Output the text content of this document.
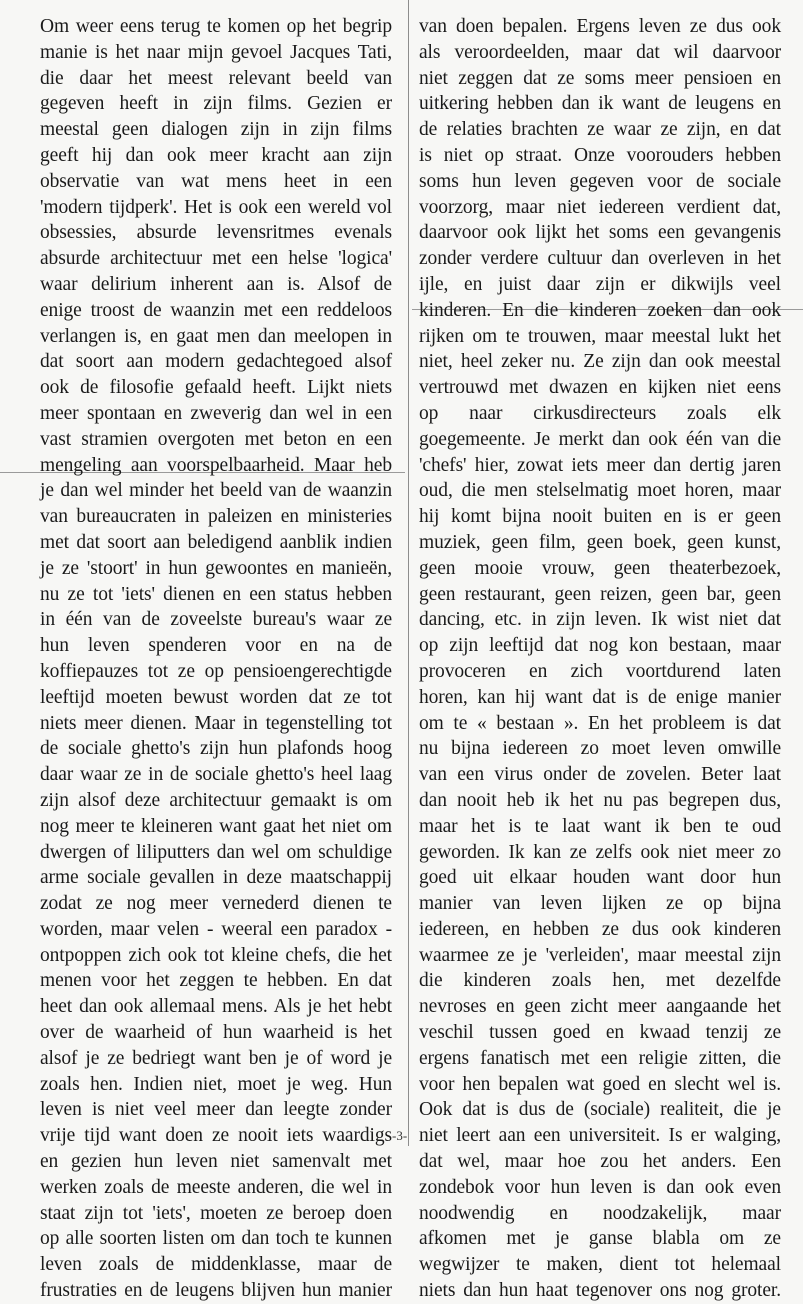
Om weer eens terug te komen op het begrip
manie is het naar mijn gevoel Jacques Tati,
die daar het meest relevant beeld van
gegeven heeft in zijn films. Gezien er
meestal geen dialogen zijn in zijn films
geeft hij dan ook meer kracht aan zijn
observatie van wat mens heet in een
'modern tijdperk'. Het is ook een wereld vol
obsessies, absurde levensritmes evenals
absurde architectuur met een helse 'logica'
waar delirium inherent aan is. Alsof de
enige troost de waanzin met een reddeloos
verlangen is, en gaat men dan meelopen in
dat soort aan modern gedachtegoed alsof
ook de filosofie gefaald heeft. Lijkt niets
meer spontaan en zweverig dan wel in een
vast stramien overgoten met beton en een
mengeling aan voorspelbaarheid. Maar heb
je dan wel minder het beeld van de waanzin
van bureaucraten in paleizen en ministeries
met dat soort aan beledigend aanblik indien
je ze 'stoort' in hun gewoontes en manieën,
nu ze tot 'iets' dienen en een status hebben
in één van de zoveelste bureau's waar ze
hun leven spenderen voor en na de
koffiepauzes tot ze op pensioengerechtigde
leeftijd moeten bewust worden dat ze tot
niets meer dienen. Maar in tegenstelling tot
de sociale ghetto's zijn hun plafonds hoog
daar waar ze in de sociale ghetto's heel laag
zijn alsof deze architectuur gemaakt is om
nog meer te kleineren want gaat het niet om
dwergen of liliputters dan wel om schuldige
arme sociale gevallen in deze maatschappij
zodat ze nog meer vernederd dienen te
worden, maar velen - weeral een paradox -
ontpoppen zich ook tot kleine chefs, die het
menen voor het zeggen te hebben. En dat
heet dan ook allemaal mens. Als je het hebt
over de waarheid of hun waarheid is het
alsof je ze bedriegt want ben je of word je
zoals hen. Indien niet, moet je weg. Hun
leven is niet veel meer dan leegte zonder
vrije tijd want doen ze nooit iets waardigs
en gezien hun leven niet samenvalt met
werken zoals de meeste anderen, die wel in
staat zijn tot 'iets', moeten ze beroep doen
op alle soorten listen om dan toch te kunnen
leven zoals de middenklasse, maar de
frustraties en de leugens blijven hun manier
van doen bepalen. Ergens leven ze dus ook
als veroordeelden, maar dat wil daarvoor
niet zeggen dat ze soms meer pensioen en
uitkering hebben dan ik want de leugens en
de relaties brachten ze waar ze zijn, en dat
is niet op straat. Onze voorouders hebben
soms hun leven gegeven voor de sociale
voorzorg, maar niet iedereen verdient dat,
daarvoor ook lijkt het soms een gevangenis
zonder verdere cultuur dan overleven in het
ijle, en juist daar zijn er dikwijls veel
kinderen. En die kinderen zoeken dan ook
rijken om te trouwen, maar meestal lukt het
niet, heel zeker nu. Ze zijn dan ook meestal
vertrouwd met dwazen en kijken niet eens
op naar cirkusdirecteurs zoals elk
goegemeente. Je merkt dan ook één van die
'chefs' hier, zowat iets meer dan dertig jaren
oud, die men stelselmatig moet horen, maar
hij komt bijna nooit buiten en is er geen
muziek, geen film, geen boek, geen kunst,
geen mooie vrouw, geen theaterbezoek,
geen restaurant, geen reizen, geen bar, geen
dancing, etc. in zijn leven. Ik wist niet dat
op zijn leeftijd dat nog kon bestaan, maar
provoceren en zich voortdurend laten
horen, kan hij want dat is de enige manier
om te « bestaan ». En het probleem is dat
nu bijna iedereen zo moet leven omwille
van een virus onder de zovelen. Beter laat
dan nooit heb ik het nu pas begrepen dus,
maar het is te laat want ik ben te oud
geworden. Ik kan ze zelfs ook niet meer zo
goed uit elkaar houden want door hun
manier van leven lijken ze op bijna
iedereen, en hebben ze dus ook kinderen
waarmee ze je 'verleiden', maar meestal zijn
die kinderen zoals hen, met dezelfde
nevroses en geen zicht meer aangaande het
veschil tussen goed en kwaad tenzij ze
ergens fanatisch met een religie zitten, die
voor hen bepalen wat goed en slecht wel is.
Ook dat is dus de (sociale) realiteit, die je
niet leert aan een universiteit. Is er walging,
dat wel, maar hoe zou het anders. Een
zondebok voor hun leven is dan ook even
noodwendig en noodzakelijk, maar
afkomen met je ganse blabla om ze
wegwijzer te maken, dient tot helemaal
niets dan hun haat tegenover ons nog groter.
-3-
